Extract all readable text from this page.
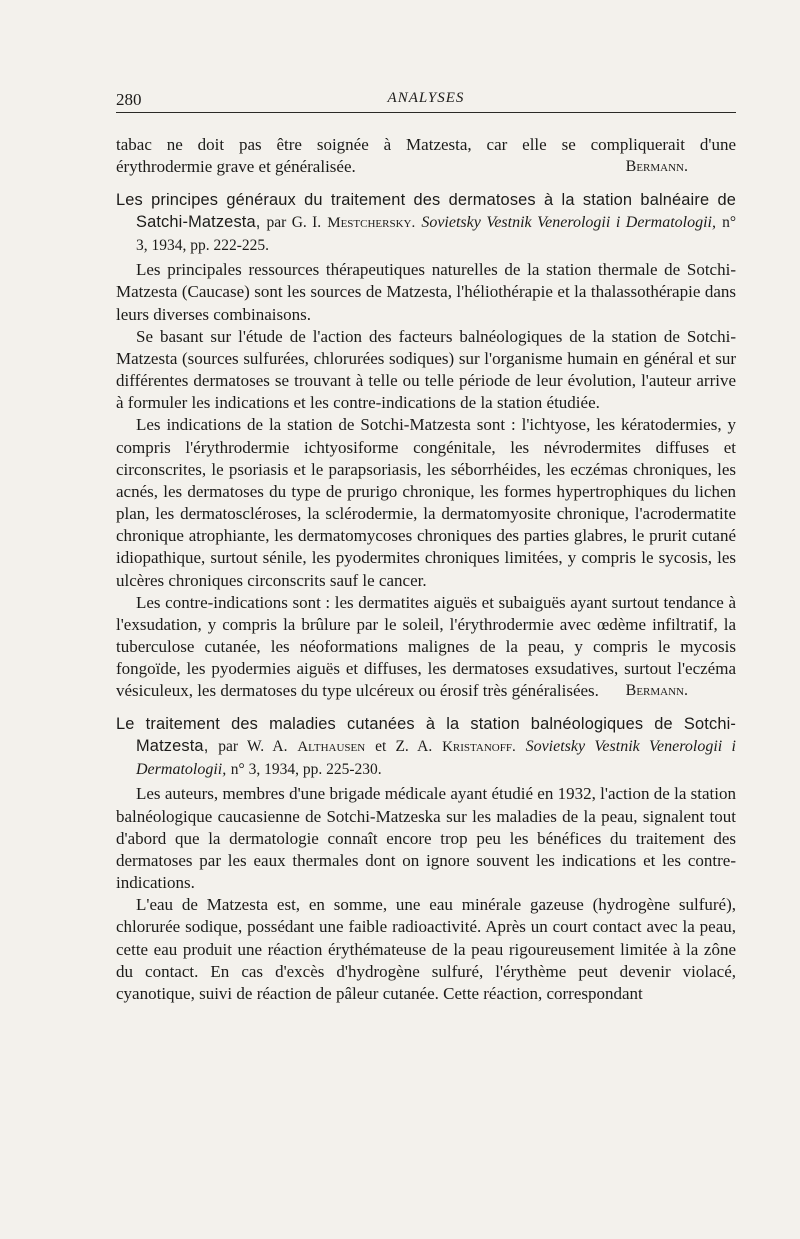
280	ANALYSES

tabac ne doit pas être soignée à Matzesta, car elle se compliquerait d'une

érythrodermie grave et généralisée.	Bermann.

Les principes généraux du traitement des dermatoses à la station balnéaire de Satchi-Matzesta, par G. I. Mestchersky. Sovietsky Vestnik Venerologii i Dermatologii, n° 3, 1934, pp. 222-225.

Les principales ressources thérapeutiques naturelles de la station thermale de Sotchi-Matzesta (Caucase) sont les sources de Matzesta, l'héliothérapie et la thalassothérapie dans leurs diverses combinaisons.

Se basant sur l'étude de l'action des facteurs balnéologiques de la station de Sotchi-Matzesta (sources sulfurées, chlorurées sodiques) sur l'organisme humain en général et sur différentes dermatoses se trouvant à telle ou telle période de leur évolution, l'auteur arrive à formuler les indications et les contre-indications de la station étudiée.

Les indications de la station de Sotchi-Matzesta sont : l'ichtyose, les kératodermies, y compris l'érythrodermie ichtyosiforme congénitale, les névrodermites diffuses et circonscrites, le psoriasis et le parapsoriasis, les séborrhéides, les eczémas chroniques, les acnés, les dermatoses du type de prurigo chronique, les formes hypertrophiques du lichen plan, les dermatoscléroses, la sclérodermie, la dermatomyosite chronique, l'acrodermatite chronique atrophiante, les dermatomycoses chroniques des parties glabres, le prurit cutané idiopathique, surtout sénile, les pyodermites chroniques limitées, y compris le sycosis, les ulcères chroniques circonscrits sauf le cancer.

Les contre-indications sont : les dermatites aiguës et subaiguës ayant surtout tendance à l'exsudation, y compris la brûlure par le soleil, l'érythrodermie avec œdème infiltratif, la tuberculose cutanée, les néoformations malignes de la peau, y compris le mycosis fongoïde, les pyodermies aiguës et diffuses, les dermatoses exsudatives, surtout l'eczéma vésiculeux, les dermatoses du type ulcéreux ou érosif très généralisées.	Bermann.

Le traitement des maladies cutanées à la station balnéologiques de Sotchi-Matzesta, par W. A. Althausen et Z. A. Kristanoff. Sovietsky Vestnik Venerologii i Dermatologii, n° 3, 1934, pp. 225-230.

Les auteurs, membres d'une brigade médicale ayant étudié en 1932, l'action de la station balnéologique caucasienne de Sotchi-Matzeska sur les maladies de la peau, signalent tout d'abord que la dermatologie connaît encore trop peu les bénéfices du traitement des dermatoses par les eaux thermales dont on ignore souvent les indications et les contre-indications.

L'eau de Matzesta est, en somme, une eau minérale gazeuse (hydrogène sulfuré), chlorurée sodique, possédant une faible radioactivité. Après un court contact avec la peau, cette eau produit une réaction érythémateuse de la peau rigoureusement limitée à la zône du contact. En cas d'excès d'hydrogène sulfuré, l'érythème peut devenir violacé, cyanotique, suivi de réaction de pâleur cutanée. Cette réaction, correspondant
